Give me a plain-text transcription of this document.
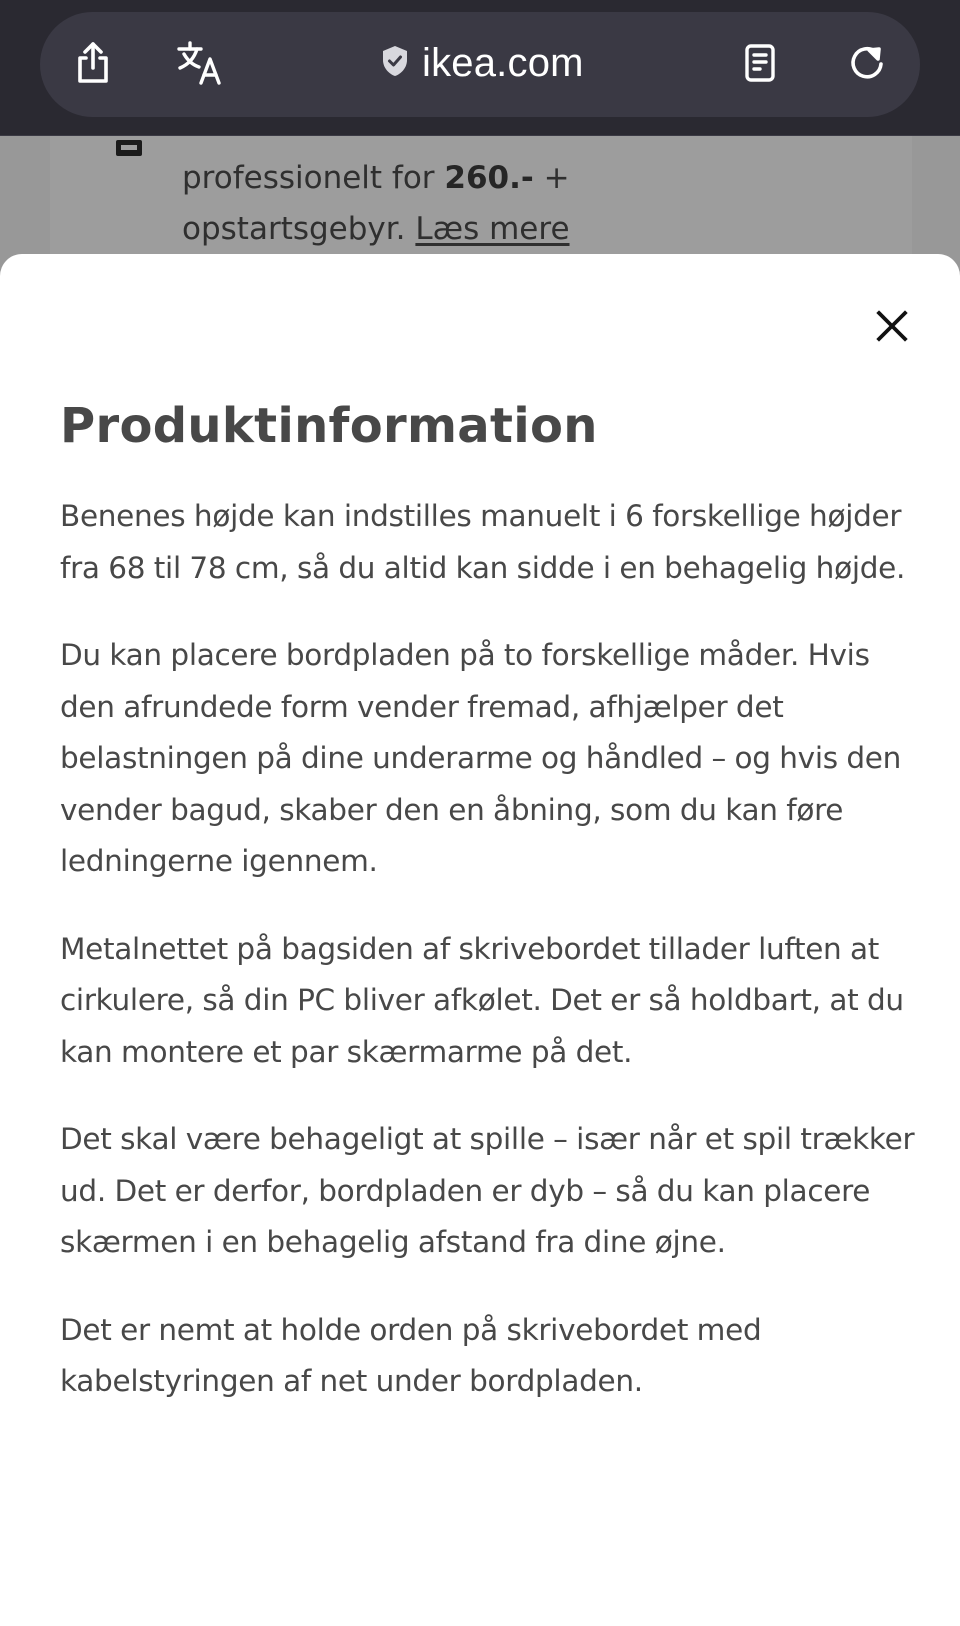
ikea.com
professionelt for 260.- +
opstartsgebyr. Læs mere
Produktinformation

Benenes højde kan indstilles manuelt i 6 forskellige højder fra 68 til 78 cm, så du altid kan sidde i en behagelig højde.

Du kan placere bordpladen på to forskellige måder. Hvis den afrundede form vender fremad, afhjælper det belastningen på dine underarme og håndled – og hvis den vender bagud, skaber den en åbning, som du kan føre ledningerne igennem.

Metalnettet på bagsiden af skrivebordet tillader luften at cirkulere, så din PC bliver afkølet. Det er så holdbart, at du kan montere et par skærmarme på det.

Det skal være behageligt at spille – især når et spil trækker ud. Det er derfor, bordpladen er dyb – så du kan placere skærmen i en behagelig afstand fra dine øjne.

Det er nemt at holde orden på skrivebordet med kabelstyringen af net under bordpladen.
